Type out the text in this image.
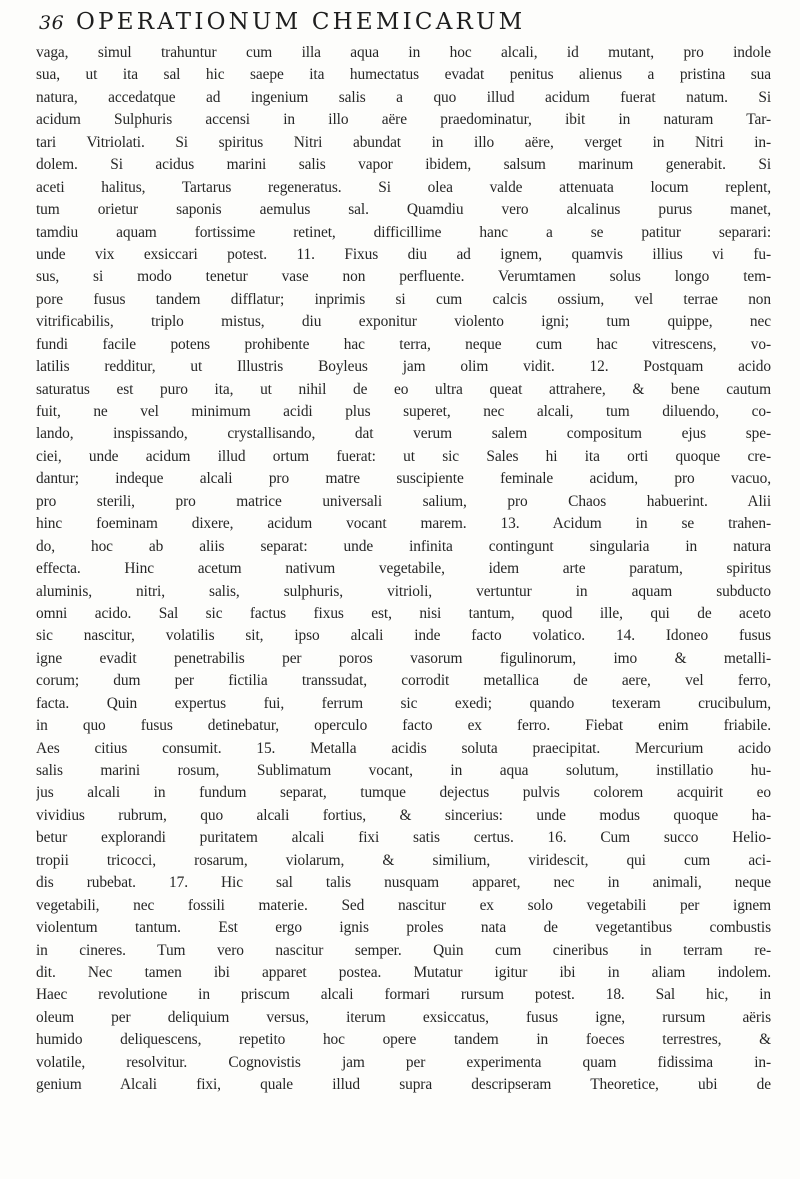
36 OPERATIONUM CHEMICARUM
vaga, simul trahuntur cum illa aqua in hoc alcali, id mutant, pro indole
sua, ut ita sal hic saepe ita humectatus evadat penitus alienus a pristina sua
natura, accedatque ad ingenium salis a quo illud acidum fuerat natum. Si
acidum Sulphuris accensi in illo aëre praedominatur, ibit in naturam Tar-
tari Vitriolati. Si spiritus Nitri abundat in illo aëre, verget in Nitri in-
dolem. Si acidus marini salis vapor ibidem, salsum marinum generabit. Si
aceti halitus, Tartarus regeneratus. Si olea valde attenuata locum replent,
tum orietur saponis aemulus sal. Quamdiu vero alcalinus purus manet,
tamdiu aquam fortissime retinet, difficillime hanc a se patitur separari:
unde vix exsiccari potest. 11. Fixus diu ad ignem, quamvis illius vi fu-
sus, si modo tenetur vase non perfluente. Verumtamen solus longo tem-
pore fusus tandem difflatur; inprimis si cum calcis ossium, vel terrae non
vitrificabilis, triplo mistus, diu exponitur violento igni; tum quippe, nec
fundi facile potens prohibente hac terra, neque cum hac vitrescens, vo-
latilis redditur, ut Illustris Boyleus jam olim vidit. 12. Postquam acido
saturatus est puro ita, ut nihil de eo ultra queat attrahere, & bene cautum
fuit, ne vel minimum acidi plus superet, nec alcali, tum diluendo, co-
lando, inspissando, crystallisando, dat verum salem compositum ejus spe-
ciei, unde acidum illud ortum fuerat: ut sic Sales hi ita orti quoque cre-
dantur; indeque alcali pro matre suscipiente feminale acidum, pro vacuo,
pro sterili, pro matrice universali salium, pro Chaos habuerint. Alii
hinc foeminam dixere, acidum vocant marem. 13. Acidum in se trahen-
do, hoc ab aliis separat: unde infinita contingunt singularia in natura
effecta. Hinc acetum nativum vegetabile, idem arte paratum, spiritus
aluminis, nitri, salis, sulphuris, vitrioli, vertuntur in aquam subducto
omni acido. Sal sic factus fixus est, nisi tantum, quod ille, qui de aceto
sic nascitur, volatilis sit, ipso alcali inde facto volatico. 14. Idoneo fusus
igne evadit penetrabilis per poros vasorum figulinorum, imo & metalli-
corum; dum per fictilia transsudat, corrodit metallica de aere, vel ferro,
facta. Quin expertus fui, ferrum sic exedi; quando texeram crucibulum,
in quo fusus detinebatur, operculo facto ex ferro. Fiebat enim friabile.
Aes citius consumit. 15. Metalla acidis soluta praecipitat. Mercurium acido
salis marini rosum, Sublimatum vocant, in aqua solutum, instillatio hu-
jus alcali in fundum separat, tumque dejectus pulvis colorem acquirit eo
vividius rubrum, quo alcali fortius, & sincerius: unde modus quoque ha-
betur explorandi puritatem alcali fixi satis certus. 16. Cum succo Helio-
tropii tricocci, rosarum, violarum, & similium, viridescit, qui cum aci-
dis rubebat. 17. Hic sal talis nusquam apparet, nec in animali, neque
vegetabili, nec fossili materie. Sed nascitur ex solo vegetabili per ignem
violentum tantum. Est ergo ignis proles nata de vegetantibus combustis
in cineres. Tum vero nascitur semper. Quin cum cineribus in terram re-
dit. Nec tamen ibi apparet postea. Mutatur igitur ibi in aliam indolem.
Haec revolutione in priscum alcali formari rursum potest. 18. Sal hic, in
oleum per deliquium versus, iterum exsiccatus, fusus igne, rursum aëris
humido deliquescens, repetito hoc opere tandem in foeces terrestres, &
volatile, resolvitur. Cognovistis jam per experimenta quam fidissima in-
genium Alcali fixi, quale illud supra descripseram Theoretice, ubi de
